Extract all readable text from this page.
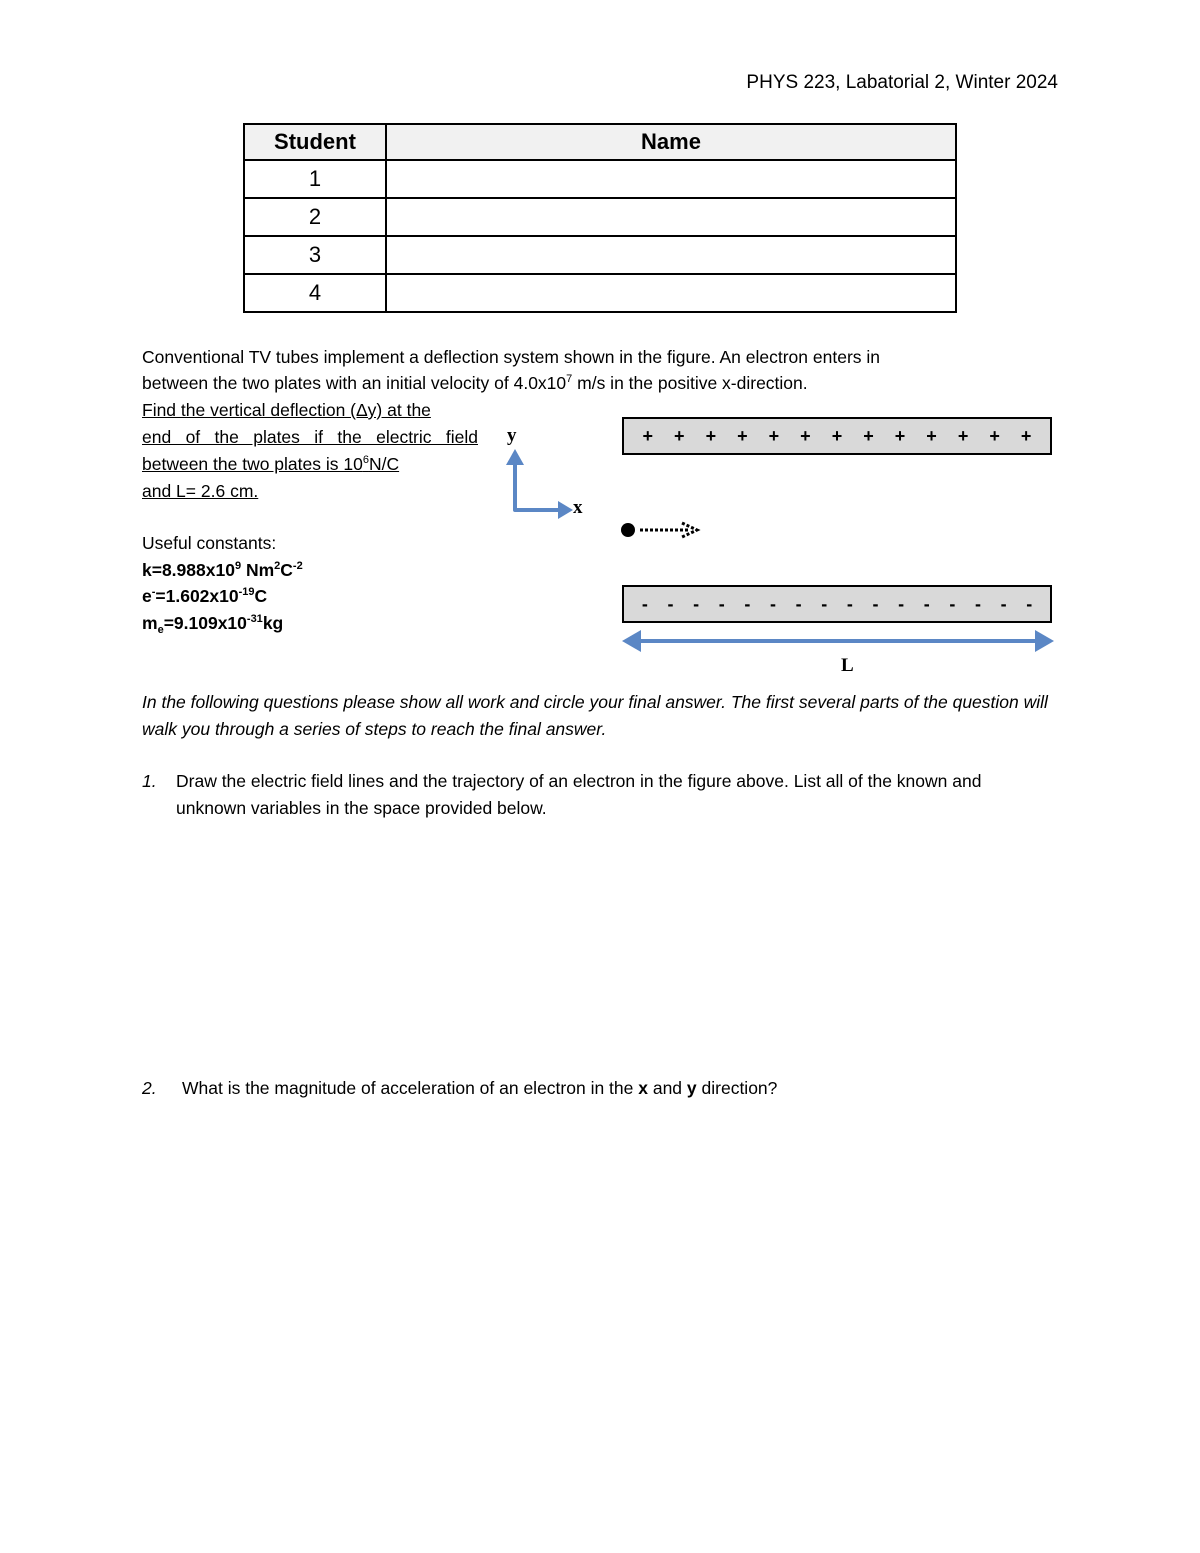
PHYS 223, Labatorial 2, Winter 2024
Student	Name
1	
2	
3	
4	
Conventional TV tubes implement a deflection system shown in the figure. An electron enters in
between the two plates with an initial velocity of $4.0x10^7$ m/s in the positive x-direction.
Find the vertical deflection (Δy) at the
end of the plates if the electric field
between the two plates is $10^6N/C$
and L= 2.6 cm.
Useful constants:
$k=8.988x10^9$ $Nm^2C^{-2}$
$e^-=1.602x10^{-19}C$
$m_e=9.109x10^{-31}kg$
y
x
L
+ + + + + + + + + + + + +
- - - - - - - - - - - - - - - -
In the following questions please show all work and circle your final answer. The first several parts of the question will walk you through a series of steps to reach the final answer.
1. Draw the electric field lines and the trajectory of an electron in the figure above. List all of the known and unknown variables in the space provided below.
2. What is the magnitude of acceleration of an electron in the x and y direction?
